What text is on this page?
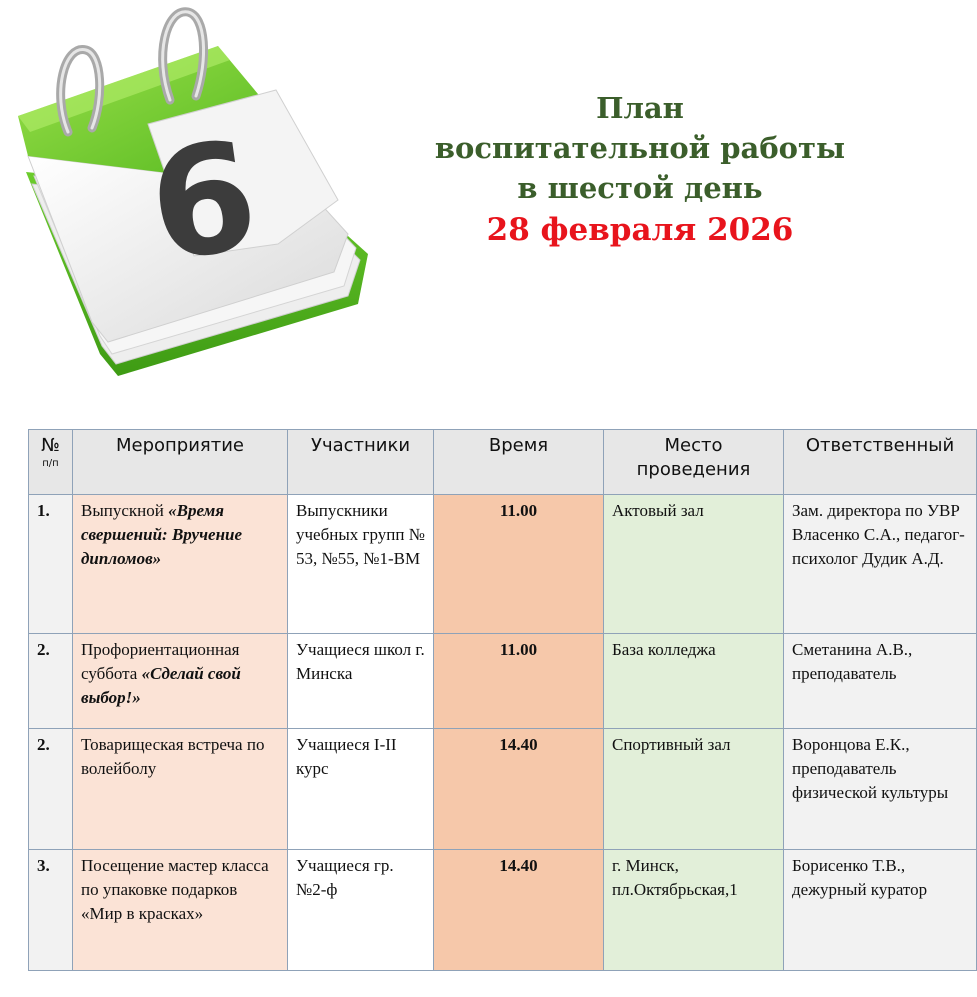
6
План
воспитательной работы
в шестой день
28 февраля 2026
№
п/п	Мероприятие	Участники	Время	Место проведения	Ответственный
1.	Выпускной «Время свершений: Вручение дипломов»	Выпускники учебных групп № 53, №55, №1-ВМ	11.00	Актовый зал	Зам. директора по УВР Власенко С.А., педагог-психолог Дудик А.Д.
2.	Профориентационная суббота «Сделай свой выбор!»	Учащиеся школ г. Минска	11.00	База колледжа	Сметанина А.В., преподаватель
2.	Товарищеская встреча по волейболу	Учащиеся I-II курс	14.40	Спортивный зал	Воронцова Е.К., преподаватель физической культуры
3.	Посещение мастер класса по упаковке подарков «Мир в красках»	Учащиеся гр. №2-ф	14.40	г. Минск, пл.Октябрьская,1	Борисенко Т.В., дежурный куратор
